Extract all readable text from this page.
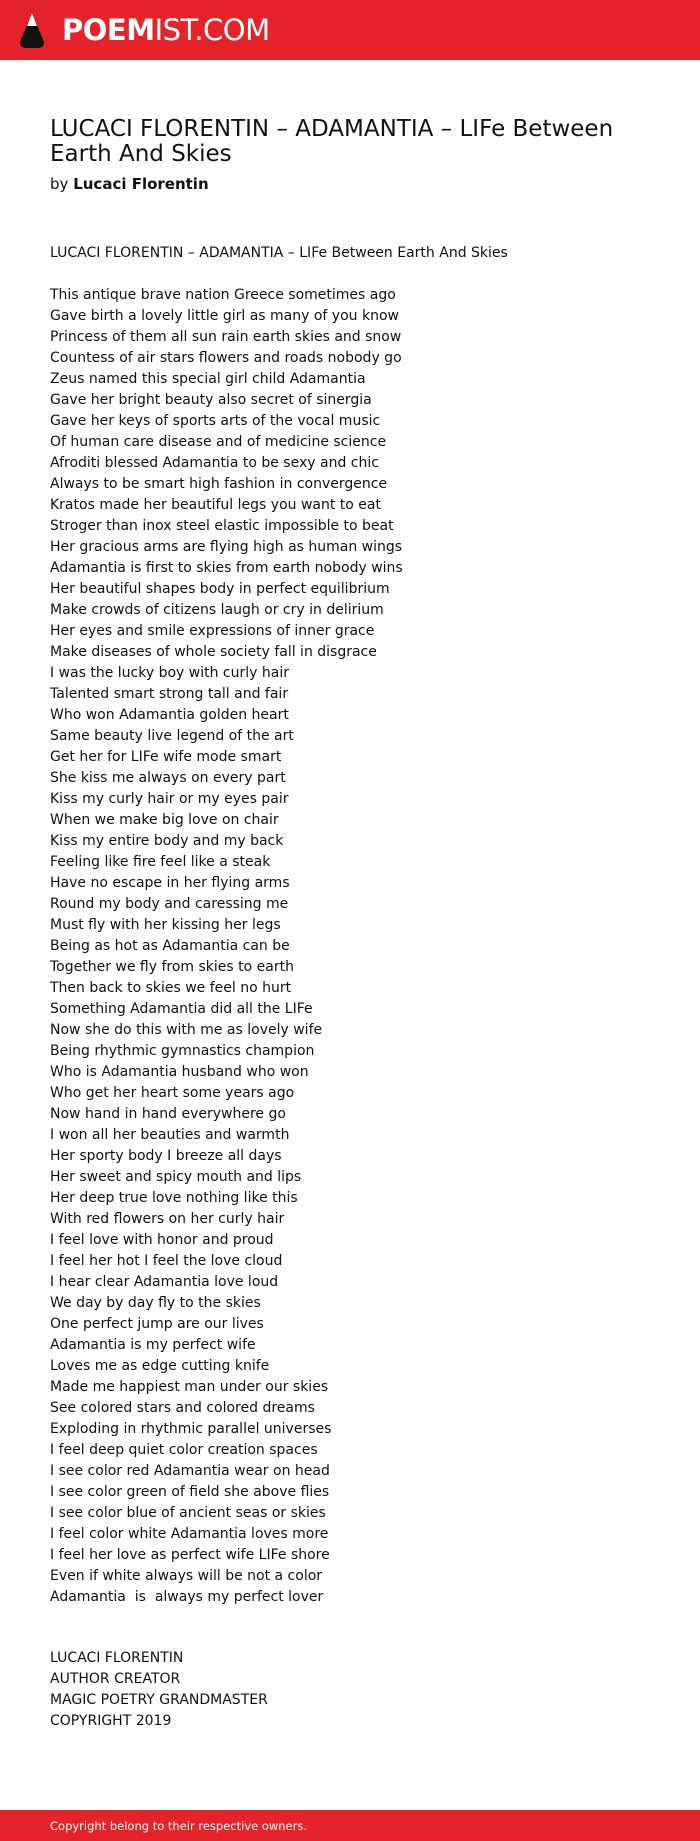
POEMIST.COM
LUCACI FLORENTIN – ADAMANTIA – LIFe Between Earth And Skies
by Lucaci Florentin
LUCACI FLORENTIN – ADAMANTIA – LIFe Between Earth And Skies
This antique brave nation Greece sometimes ago
Gave birth a lovely little girl as many of you know
Princess of them all sun rain earth skies and snow
Countess of air stars flowers and roads nobody go
Zeus named this special girl child Adamantia
Gave her bright beauty also secret of sinergia
Gave her keys of sports arts of the vocal music
Of human care disease and of medicine science
Afroditi blessed Adamantia to be sexy and chic
Always to be smart high fashion in convergence
Kratos made her beautiful legs you want to eat
Stroger than inox steel elastic impossible to beat
Her gracious arms are flying high as human wings
Adamantia is first to skies from earth nobody wins
Her beautiful shapes body in perfect equilibrium
Make crowds of citizens laugh or cry in delirium
Her eyes and smile expressions of inner grace
Make diseases of whole society fall in disgrace
I was the lucky boy with curly hair
Talented smart strong tall and fair
Who won Adamantia golden heart
Same beauty live legend of the art
Get her for LIFe wife mode smart
She kiss me always on every part
Kiss my curly hair or my eyes pair
When we make big love on chair
Kiss my entire body and my back
Feeling like fire feel like a steak
Have no escape in her flying arms
Round my body and caressing me
Must fly with her kissing her legs
Being as hot as Adamantia can be
Together we fly from skies to earth
Then back to skies we feel no hurt
Something Adamantia did all the LIFe
Now she do this with me as lovely wife
Being rhythmic gymnastics champion
Who is Adamantia husband who won
Who get her heart some years ago
Now hand in hand everywhere go
I won all her beauties and warmth
Her sporty body I breeze all days
Her sweet and spicy mouth and lips
Her deep true love nothing like this
With red flowers on her curly hair
I feel love with honor and proud
I feel her hot I feel the love cloud
I hear clear Adamantia love loud
We day by day fly to the skies
One perfect jump are our lives
Adamantia is my perfect wife
Loves me as edge cutting knife
Made me happiest man under our skies
See colored stars and colored dreams
Exploding in rhythmic parallel universes
I feel deep quiet color creation spaces
I see color red Adamantia wear on head
I see color green of field she above flies
I see color blue of ancient seas or skies
I feel color white Adamantia loves more
I feel her love as perfect wife LIFe shore
Even if white always will be not a color
Adamantia  is  always my perfect lover
LUCACI FLORENTIN
AUTHOR CREATOR
MAGIC POETRY GRANDMASTER
COPYRIGHT 2019
Copyright belong to their respective owners.
